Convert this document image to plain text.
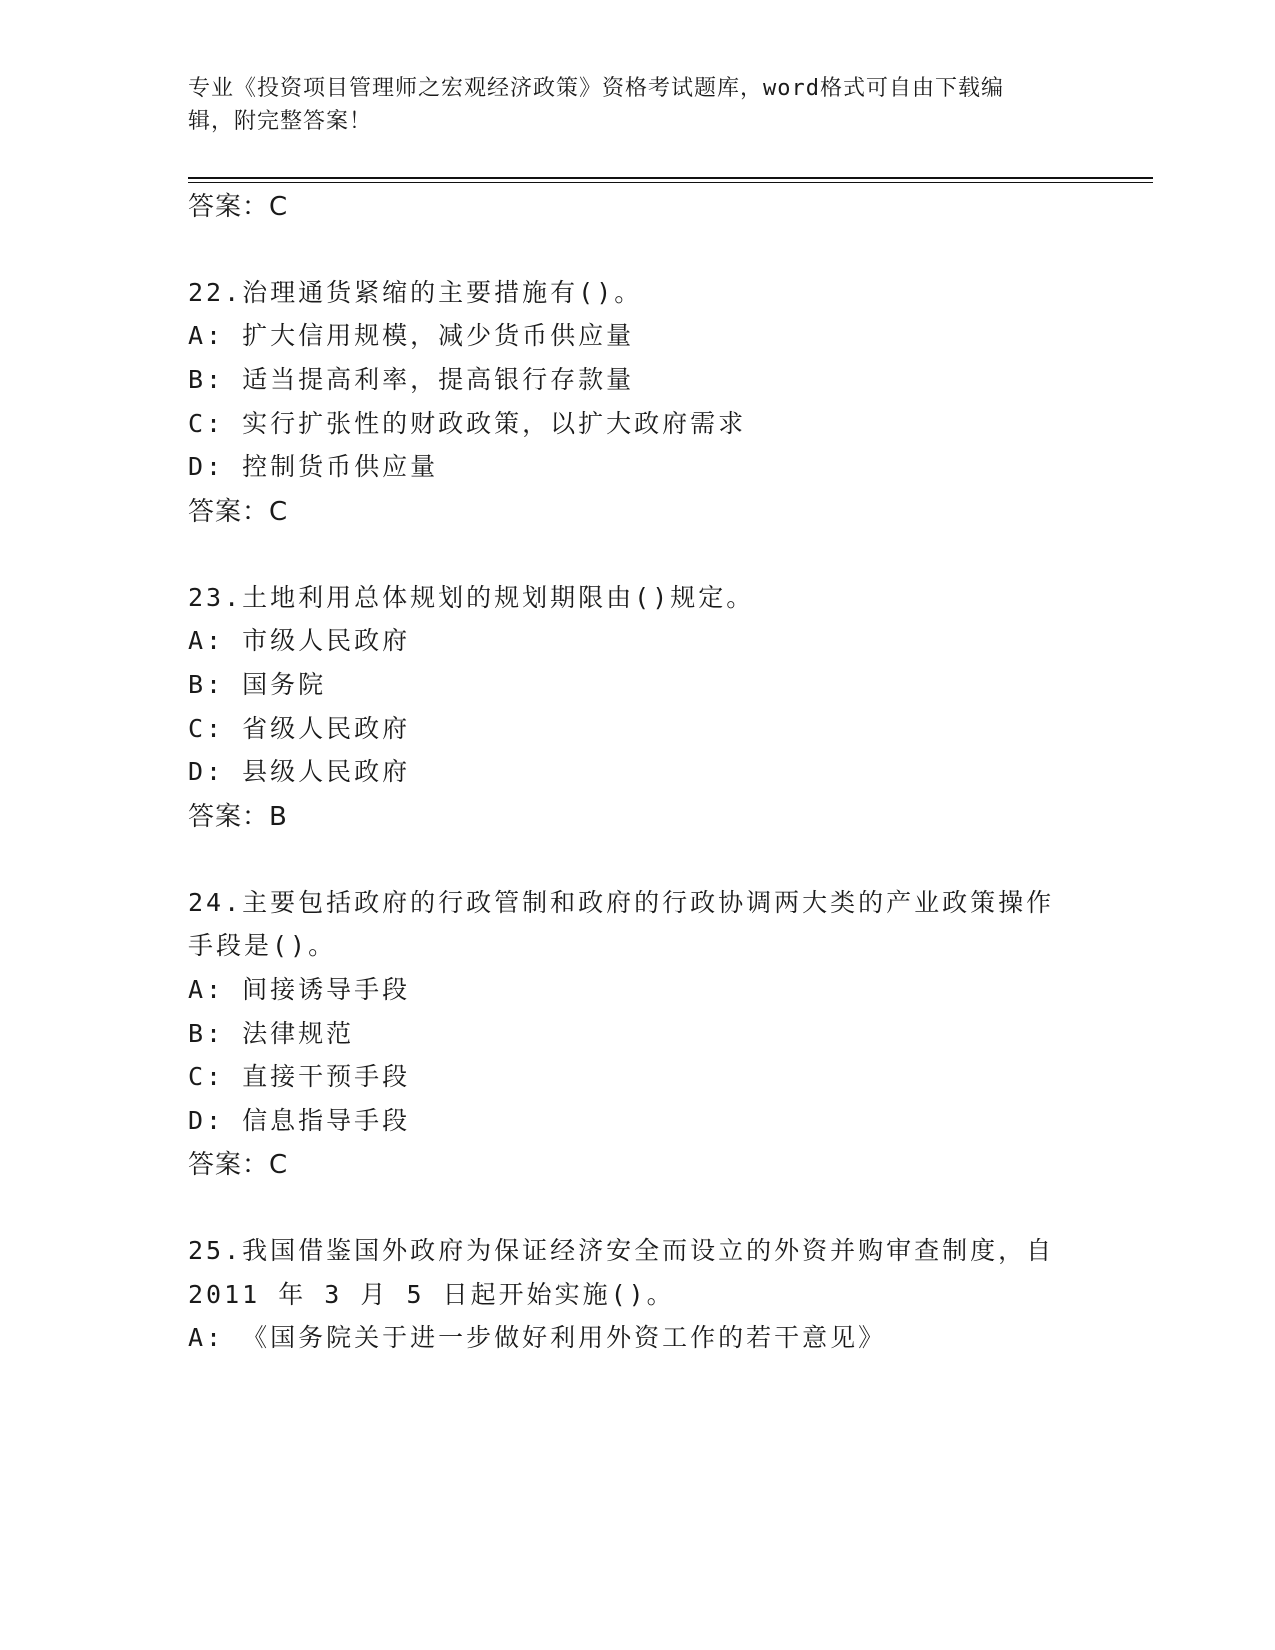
专业《投资项目管理师之宏观经济政策》资格考试题库，word格式可自由下载编
辑，附完整答案！
答案：C
22.治理通货紧缩的主要措施有()。
A: 扩大信用规模，减少货币供应量
B: 适当提高利率，提高银行存款量
C: 实行扩张性的财政政策，以扩大政府需求
D: 控制货币供应量
答案：C
23.土地利用总体规划的规划期限由()规定。
A: 市级人民政府
B: 国务院
C: 省级人民政府
D: 县级人民政府
答案：B
24.主要包括政府的行政管制和政府的行政协调两大类的产业政策操作
手段是()。
A: 间接诱导手段
B: 法律规范
C: 直接干预手段
D: 信息指导手段
答案：C
25.我国借鉴国外政府为保证经济安全而设立的外资并购审查制度，自
2011 年 3 月 5 日起开始实施()。
A: 《国务院关于进一步做好利用外资工作的若干意见》
